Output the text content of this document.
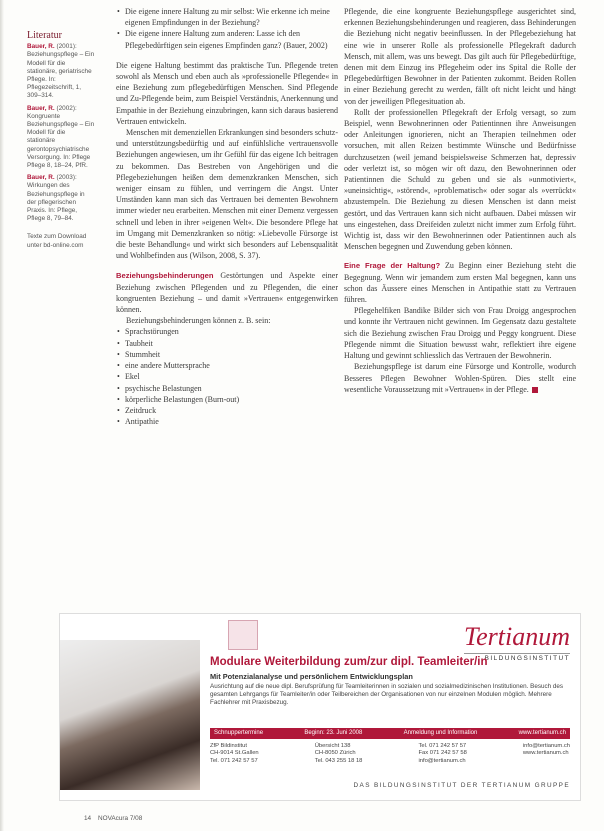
Literatur
Bauer, R. (2001): Beziehungspflege – Ein Modell für die stationäre, geriatrische Pflege. In: Pflegezeitschrift, 1, 309–314.
Bauer, R. (2002): Kongruente Beziehungspflege – Ein Modell für die stationäre gerontopsychiatrische Versorgung. In: Pflege Pflege 8, 18–24, PfR.
Bauer, R. (2003): Wirkungen des Beziehungspflege in der pflegerischen Praxis. In: Pflege, Pflege 8, 79–84.
Texte zum Download unter bd-online.com
• Die eigene innere Haltung zu mir selbst: Wie erkenne ich meine eigenen Empfindungen in der Beziehung?
• Die eigene innere Haltung zum anderen: Lasse ich den Pflegebedürftigen sein eigenes Empfinden ganz? (Bauer, 2002)

Die eigene Haltung bestimmt das praktische Tun. Pflegende treten sowohl als Mensch und eben auch als »professionelle Pflegende« in eine Beziehung zum pflegebedürftigen Menschen. Sind Pflegende und Zu-Pflegende beim, zum Beispiel Verständnis, Anerkennung und Empathie in der Beziehung einzubringen, kann sich daraus basierend Vertrauen entwickeln.

Menschen mit demenziellen Erkrankungen sind besonders schutz- und unterstützungsbedürftig und auf einfühlsliche vertrauensvolle Beziehungen angewiesen, um ihr Gefühl für das eigene Ich beitragen zu bekommen. Das Bestreben von Angehörigen und die Pflegebeziehungen heißen dem demenzkranken Menschen, sich weniger einsam zu fühlen, und verringern die Angst. Unter Umständen kann man sich das Vertrauen bei dementen Bewohnern immer wieder neu erarbeiten. Menschen mit einer Demenz vergessen schnell und leben in ihrer »eigenen Welt«. Die besondere Pflege hat im Umgang mit Demenzkranken so nötig: »Liebevolle Fürsorge ist die beste Behandlung« und wirkt sich besonders auf Lebensqualität und Wohlbefinden aus (Wilson, 2008, S. 37).

Beziehungsbehinderungen Gestörtungen und Aspekte einer Beziehung zwischen Pflegenden und zu Pflegenden, die einer kongruenten Beziehung – und damit »Vertrauen« entgegenwirken können.

Beziehungsbehinderungen können z. B. sein:

• Sprachstörungen
• Taubheit
• Stummheit
• eine andere Muttersprache
• Ekel
• psychische Belastungen
• körperliche Belastungen (Burn-out)
• Zeitdruck
• Antipathie

Pflegende, die eine kongruente Beziehungspflege ausgerichtet sind, erkennen Beziehungsbehinderungen und reagieren, dass Behinderungen die Beziehung nicht negativ beeinflussen. In der Pflegebeziehung hat eine wie in unserer Rolle als professionelle Pflegekraft dadurch Mensch, mit allem, was uns bewegt. Das gilt auch für Pflegebedürftige, denen mit dem Einzug ins Pflegeheim oder ins Spital die Rolle der Pflegebedürftigen Bewohner in der Patienten zukommt. Beiden Rollen in einer Beziehung gerecht zu werden, fällt oft nicht leicht und hängt von der jeweiligen Pflegesituation ab.

Rollt der professionellen Pflegekraft der Erfolg versagt, so zum Beispiel, wenn Bewohnerinnen oder Patientinnen ihre Anweisungen oder Anleitungen ignorieren, nicht an Therapien teilnehmen oder vorsuchen, mit allen Reizen bestimmte Wünsche und Bedürfnisse durchzusetzen (weil jemand beispielsweise Schmerzen hat, depressiv oder verletzt ist, so mögen wir oft dazu, den Bewohnerinnen oder Patientinnen die Schuld zu geben und sie als »unmotiviert«, »uneinsichtig«, »störend«, »problematisch« oder sogar als »verrückt« abzustempeln. Die Beziehung zu diesen Menschen ist dann meist gestört, und das Vertrauen kann sich nicht aufbauen. Dabei müssen wir uns eingestehen, dass Dreifeiden zuletzt nicht immer zum Erfolg führt. Wichtig ist, dass wir den Bewohnerinnen oder Patientinnen auch als Menschen begegnen und Zuwendung geben können.

Eine Frage der Haltung? Zu Beginn einer Beziehung steht die Begegnung. Wenn wir jemandem zum ersten Mal begegnen, kann uns schon das Äussere eines Menschen in Antipathie statt zu Vertrauen führen.

Pflegehelfiken Bandike Bilder sich von Frau Droigg angesprochen und konnte ihr Vertrauen nicht gewinnen. Im Gegensatz dazu gestaltete sich die Beziehung zwischen Frau Droigg und Peggy kongruent. Diese Pflegende nimmt die Situation bewusst wahr, reflektiert ihre eigene Haltung und gewinnt schliesslich das Vertrauen der Bewohnerin.

Beziehungspflege ist darum eine Fürsorge und Kontrolle, wodurch Besseres Pflegen Bewohner Wohlen-Spüren. Dies stellt eine wesentliche Voraussetzung mit »Vertrauen« in der Pflege.

Tertianum
BILDUNGSINSTITUT
Modulare Weiterbildung zum/zur dipl. Teamleiter/in
Mit Potenzialanalyse und persönlichem Entwicklungsplan
Ausrichtung auf die neue dipl. Berufsprüfung für Teamleiterinnen in sozialen und sozialmedizinischen Institutionen. Besuch des gesamten Lehrgangs für Teamleiter/in oder Teilbereichen der Organisationen von nur einzelnen Modulen möglich. Mehrere Fachlehrer mit Praxisbezug.
Schnuppertermine	Beginn: 23. Juni 2008	Anmeldung und Information	www.tertianum.ch
ZfP Bildinstitut
CH-9014 St.Gallen
Tel. 071 242 57 57
Übersicht 138
CH-8050 Zürich
Tel. 043 255 18 18
Tel. 071 242 57 57
Fax 071 242 57 58
info@tertianum.ch
info@tertianum.ch
www.tertianum.ch
DAS BILDUNGSINSTITUT DER TERTIANUM GRUPPE
14 NOVAcura 7/08
